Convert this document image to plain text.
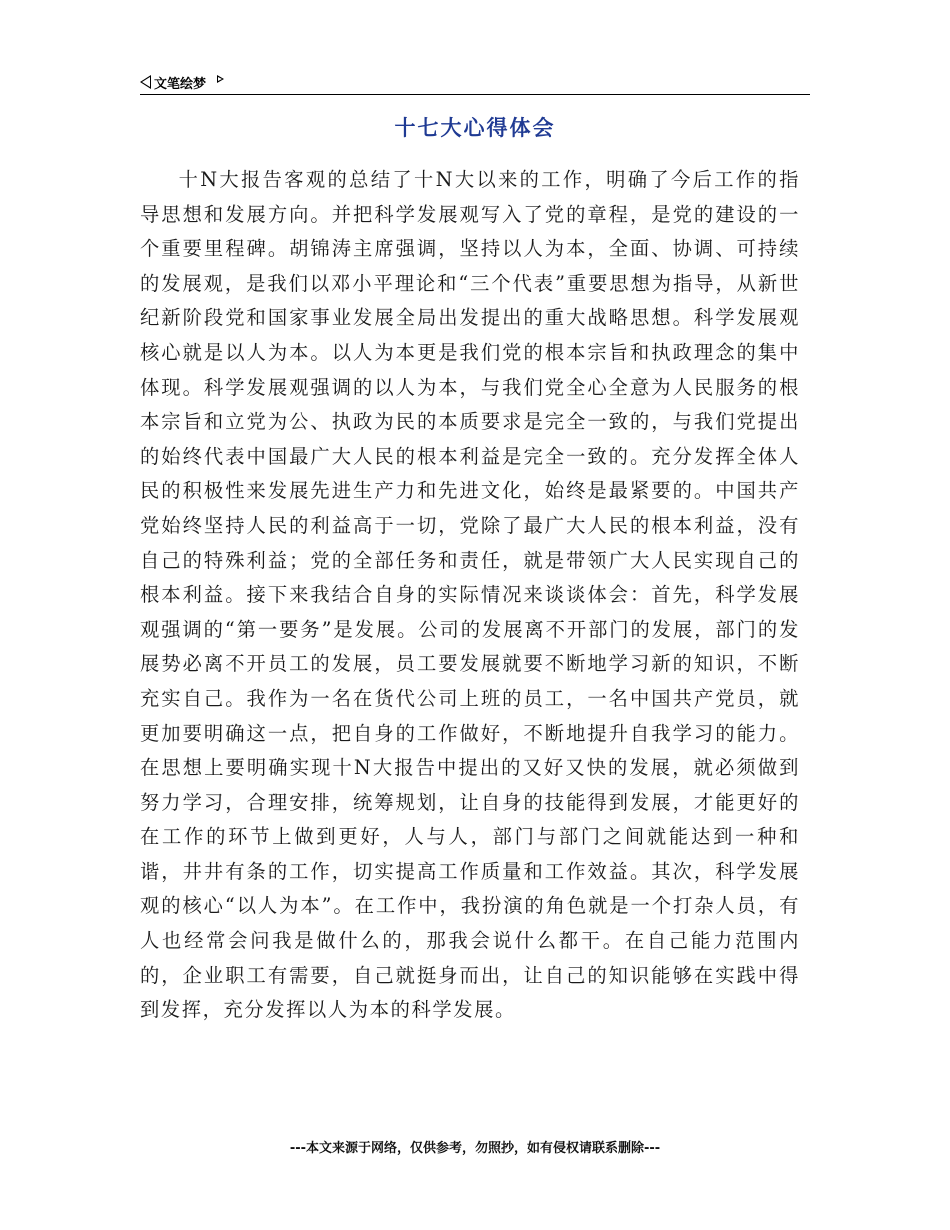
文笔绘梦
十七大心得体会

十N大报告客观的总结了十N大以来的工作，明确了今后工作的指导思想和发展方向。并把科学发展观写入了党的章程，是党的建设的一个重要里程碑。胡锦涛主席强调，坚持以人为本，全面、协调、可持续的发展观，是我们以邓小平理论和“三个代表”重要思想为指导，从新世纪新阶段党和国家事业发展全局出发提出的重大战略思想。科学发展观核心就是以人为本。以人为本更是我们党的根本宗旨和执政理念的集中体现。科学发展观强调的以人为本，与我们党全心全意为人民服务的根本宗旨和立党为公、执政为民的本质要求是完全一致的，与我们党提出的始终代表中国最广大人民的根本利益是完全一致的。充分发挥全体人民的积极性来发展先进生产力和先进文化，始终是最紧要的。中国共产党始终坚持人民的利益高于一切，党除了最广大人民的根本利益，没有自己的特殊利益；党的全部任务和责任，就是带领广大人民实现自己的根本利益。接下来我结合自身的实际情况来谈谈体会：首先，科学发展观强调的“第一要务”是发展。公司的发展离不开部门的发展，部门的发展势必离不开员工的发展，员工要发展就要不断地学习新的知识，不断充实自己。我作为一名在货代公司上班的员工，一名中国共产党员，就更加要明确这一点，把自身的工作做好，不断地提升自我学习的能力。在思想上要明确实现十N大报告中提出的又好又快的发展，就必须做到努力学习，合理安排，统筹规划，让自身的技能得到发展，才能更好的在工作的环节上做到更好，人与人，部门与部门之间就能达到一种和谐，井井有条的工作，切实提高工作质量和工作效益。其次，科学发展观的核心“以人为本”。在工作中，我扮演的角色就是一个打杂人员，有人也经常会问我是做什么的，那我会说什么都干。在自己能力范围内的，企业职工有需要，自己就挺身而出，让自己的知识能够在实践中得到发挥，充分发挥以人为本的科学发展。

---本文来源于网络，仅供参考，勿照抄，如有侵权请联系删除---
